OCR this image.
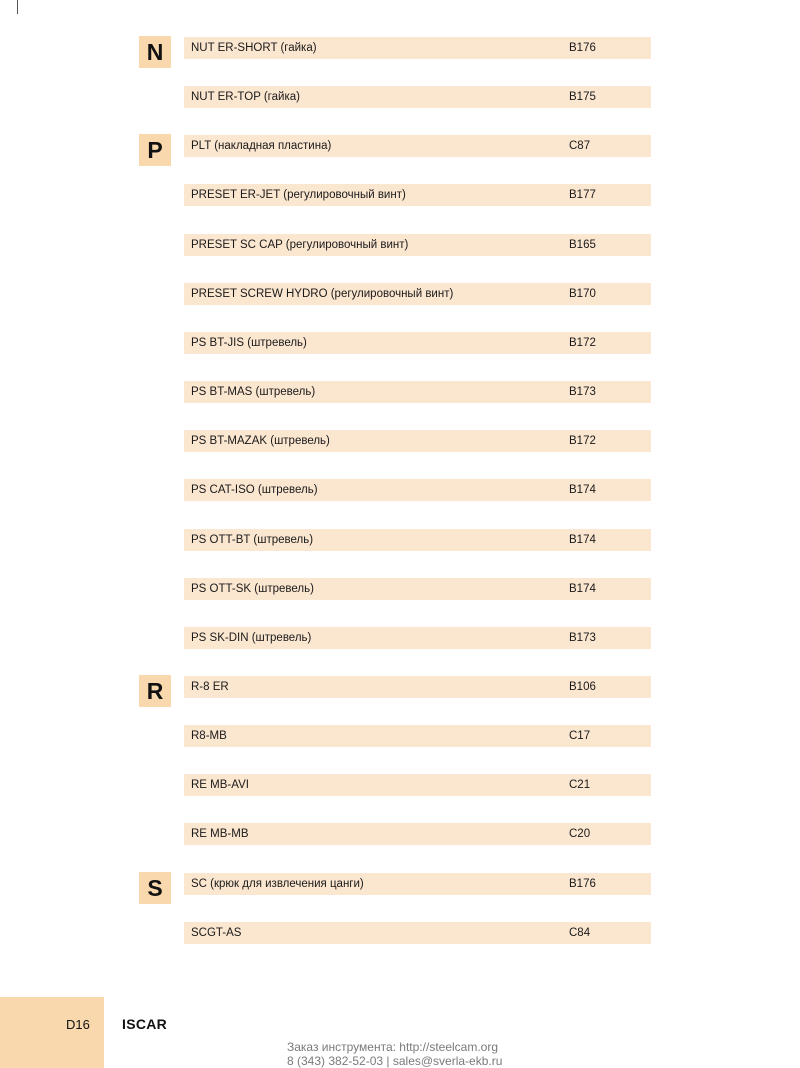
N	NUT ER-SHORT (гайка)	B176
NUT ER-TOP (гайка)	B175
P	PLT (накладная пластина)	C87
PRESET ER-JET (регулировочный винт)	B177
PRESET SC CAP (регулировочный винт)	B165
PRESET SCREW HYDRO (регулировочный винт)	B170
PS BT-JIS (штревель)	B172
PS BT-MAS (штревель)	B173
PS BT-MAZAK (штревель)	B172
PS CAT-ISO (штревель)	B174
PS OTT-BT (штревель)	B174
PS OTT-SK (штревель)	B174
PS SK-DIN (штревель)	B173
R	R-8 ER	B106
R8-MB	C17
RE MB-AVI	C21
RE MB-MB	C20
S	SC (крюк для извлечения цанги)	B176
SCGT-AS	C84
D16 ISCAR
Заказ инструмента: http://steelcam.org
8 (343) 382-52-03 | sales@sverla-ekb.ru
